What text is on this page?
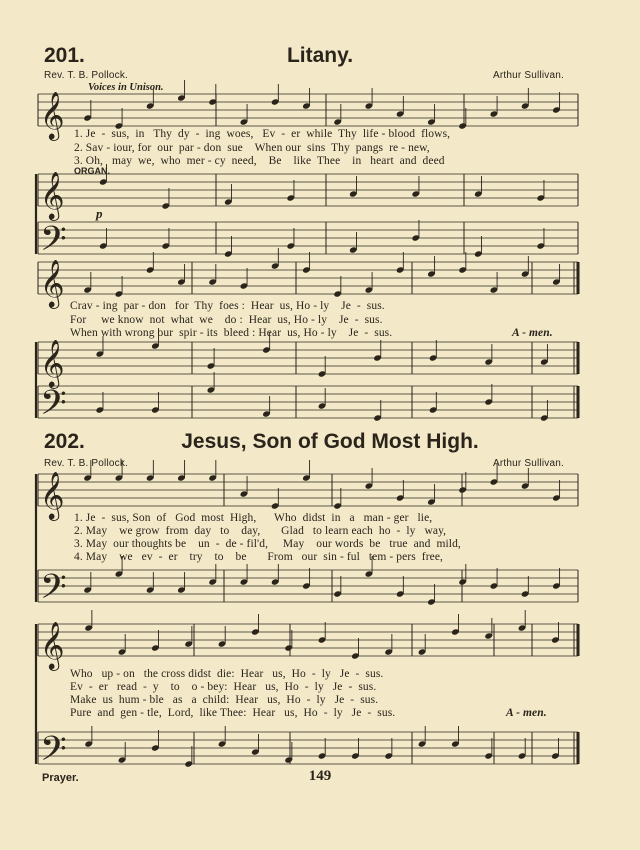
𝄞
𝄞
𝄢
𝄞
𝄞
𝄢
𝄞
𝄢
𝄞
𝄢
201.	Litany.
Rev. T. B. Pollock.	Arthur Sullivan.
Voices in Unison.
ORGAN.
p
1. Je  -  sus,  in   Thy  dy  -  ing  woes,   Ev  -  er  while  Thy  life - blood  flows,
2. Sav - iour, for  our  par - don  sue    When our  sins  Thy  pangs  re - new,
3. Oh,   may  we,  who  mer - cy  need,    Be    like  Thee    in   heart  and  deed
Crav - ing  par - don   for  Thy  foes :  Hear  us, Ho - ly    Je  -  sus.
For     we know  not  what  we    do :  Hear  us, Ho - ly    Je  -  sus.
When with wrong our  spir - its  bleed : Hear  us, Ho - ly    Je  -  sus.	A - men.
202.	Jesus, Son of God Most High.
Rev. T. B. Pollock.	Arthur Sullivan.
1. Je  -  sus, Son  of   God  most  High,      Who  didst  in   a   man - ger   lie,
2. May    we grow  from  day   to    day,       Glad   to learn each  ho  -  ly   way,
3. May  our thoughts be    un  -  de - fil'd,     May    our words  be   true  and  mild,
4. May    we   ev  -  er    try    to    be       From   our  sin - ful   tem - pers  free,
Who   up - on   the cross didst  die:  Hear   us,  Ho  -  ly   Je  -  sus.
Ev  -  er   read  -  y    to    o - bey:  Hear   us,  Ho  -  ly   Je  -  sus.
Make  us  hum - ble   as   a  child:  Hear   us,  Ho  -  ly   Je  -  sus.
Pure  and  gen - tle,  Lord,  like Thee:  Hear   us,  Ho  -  ly   Je  -  sus.	A - men.
Prayer.	149
